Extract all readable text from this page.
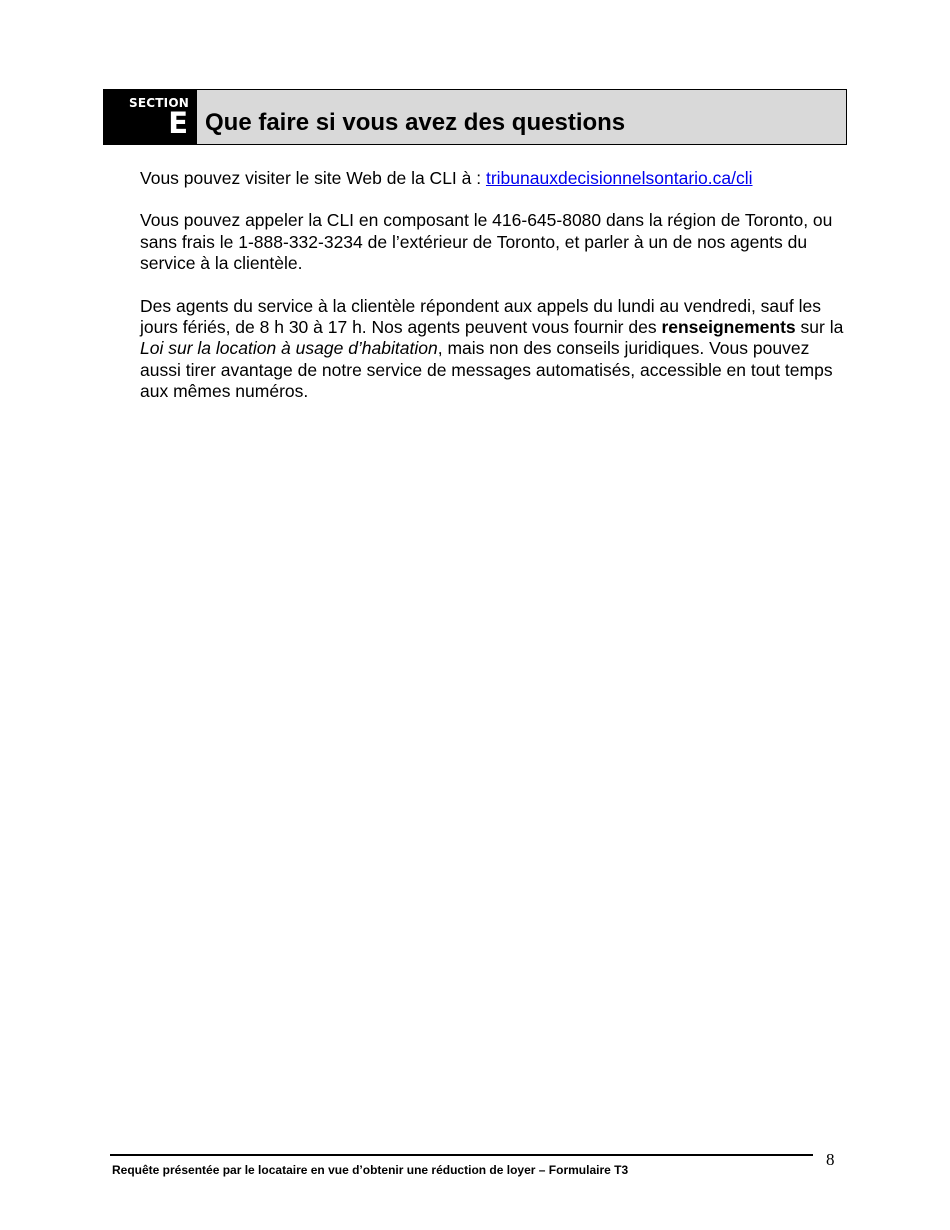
SECTION
E Que faire si vous avez des questions

Vous pouvez visiter le site Web de la CLI à : tribunauxdecisionnelsontario.ca/cli

Vous pouvez appeler la CLI en composant le 416-645-8080 dans la région de Toronto, ou sans frais le 1-888-332-3234 de l’extérieur de Toronto, et parler à un de nos agents du service à la clientèle.

Des agents du service à la clientèle répondent aux appels du lundi au vendredi, sauf les jours fériés, de 8 h 30 à 17 h. Nos agents peuvent vous fournir des renseignements sur la Loi sur la location à usage d’habitation, mais non des conseils juridiques. Vous pouvez aussi tirer avantage de notre service de messages automatisés, accessible en tout temps aux mêmes numéros.

Requête présentée par le locataire en vue d’obtenir une réduction de loyer – Formulaire T3
8
